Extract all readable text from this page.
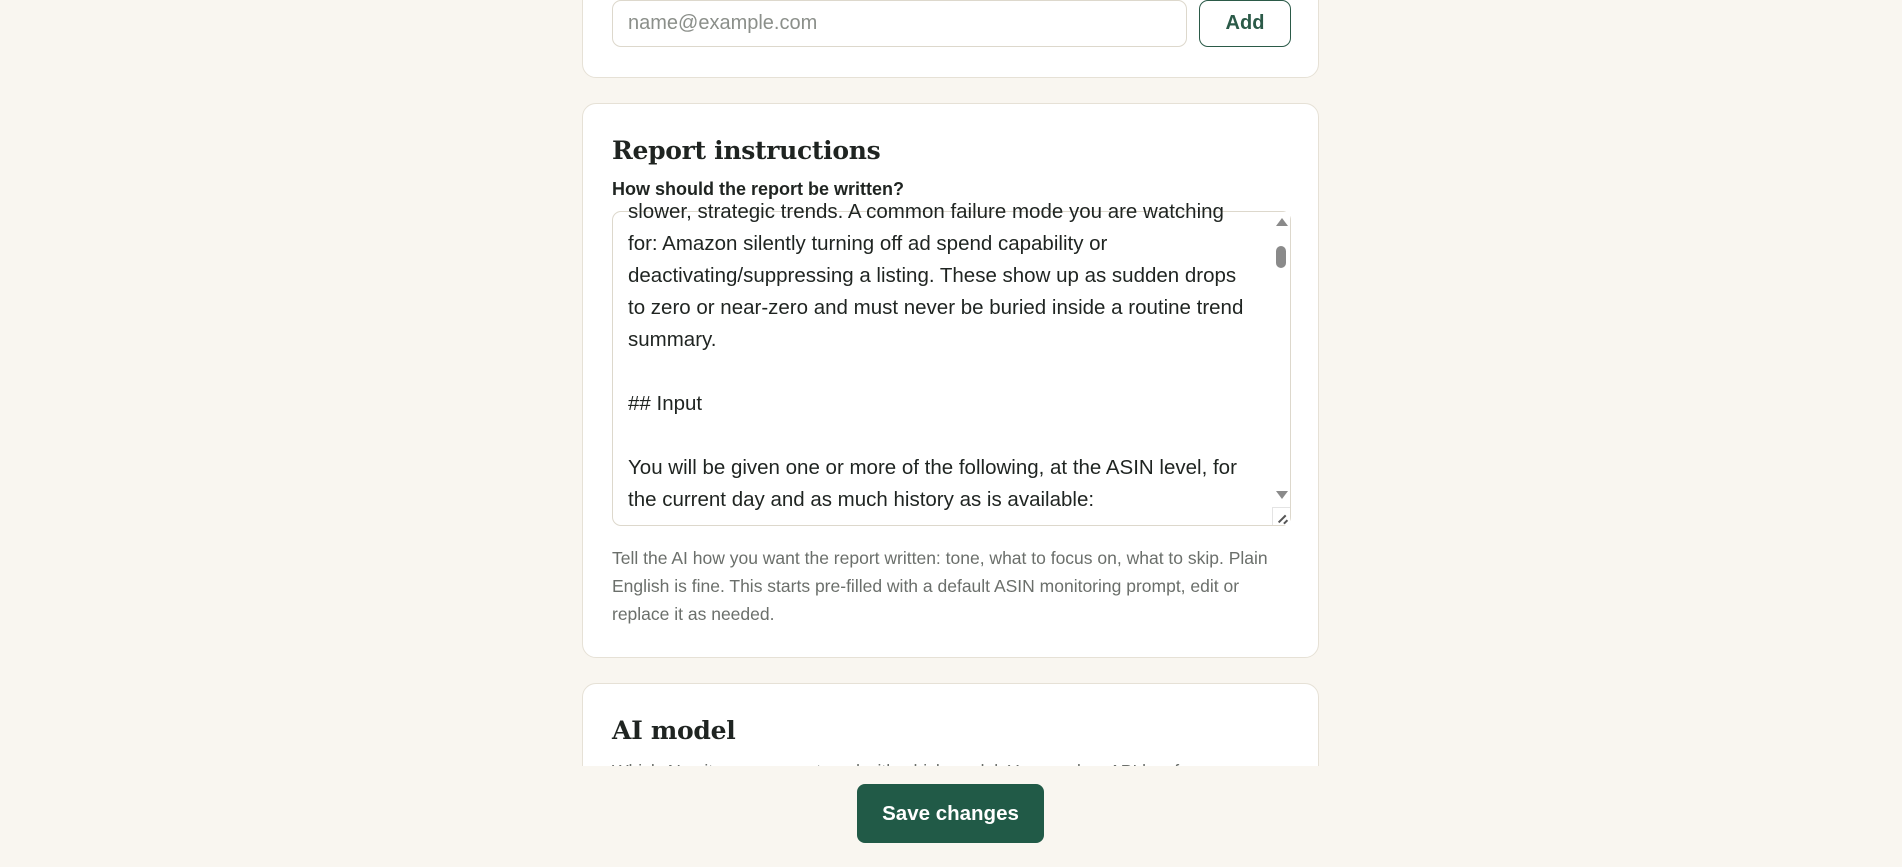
name@example.com
Add
Report instructions
How should the report be written?

slower, strategic trends. A common failure mode you are watching for: Amazon silently turning off ad spend capability or deactivating/suppressing a listing. These show up as sudden drops to zero or near-zero and must never be buried inside a routine trend summary.

## Input

You will be given one or more of the following, at the ASIN level, for the current day and as much history as is available:

Tell the AI how you want the report written: tone, what to focus on, what to skip. Plain English is fine. This starts pre-filled with a default ASIN monitoring prompt, edit or replace it as needed.

AI model

Save changes
